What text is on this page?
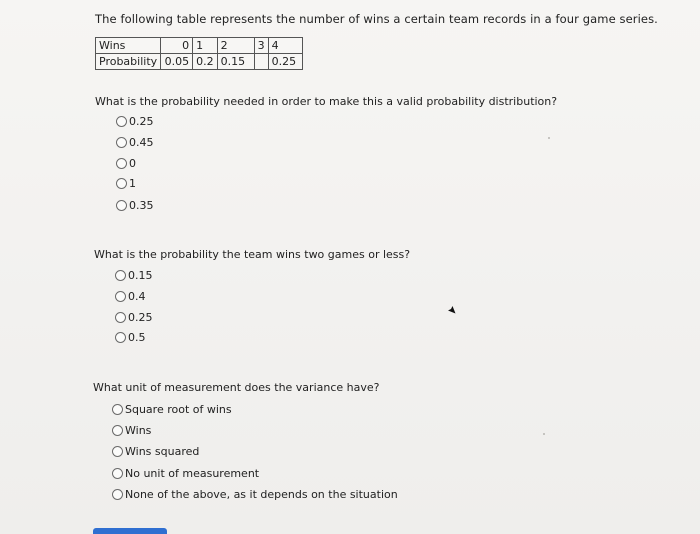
The following table represents the number of wins a certain team records in a four game series.
Wins	0	1	2	3	4
Probability	0.05	0.2	0.15		0.25
What is the probability needed in order to make this a valid probability distribution?
0.25
0.45
0
1
0.35
What is the probability the team wins two games or less?
0.15
0.4
0.25
0.5
What unit of measurement does the variance have?
Square root of wins
Wins
Wins squared
No unit of measurement
None of the above, as it depends on the situation
